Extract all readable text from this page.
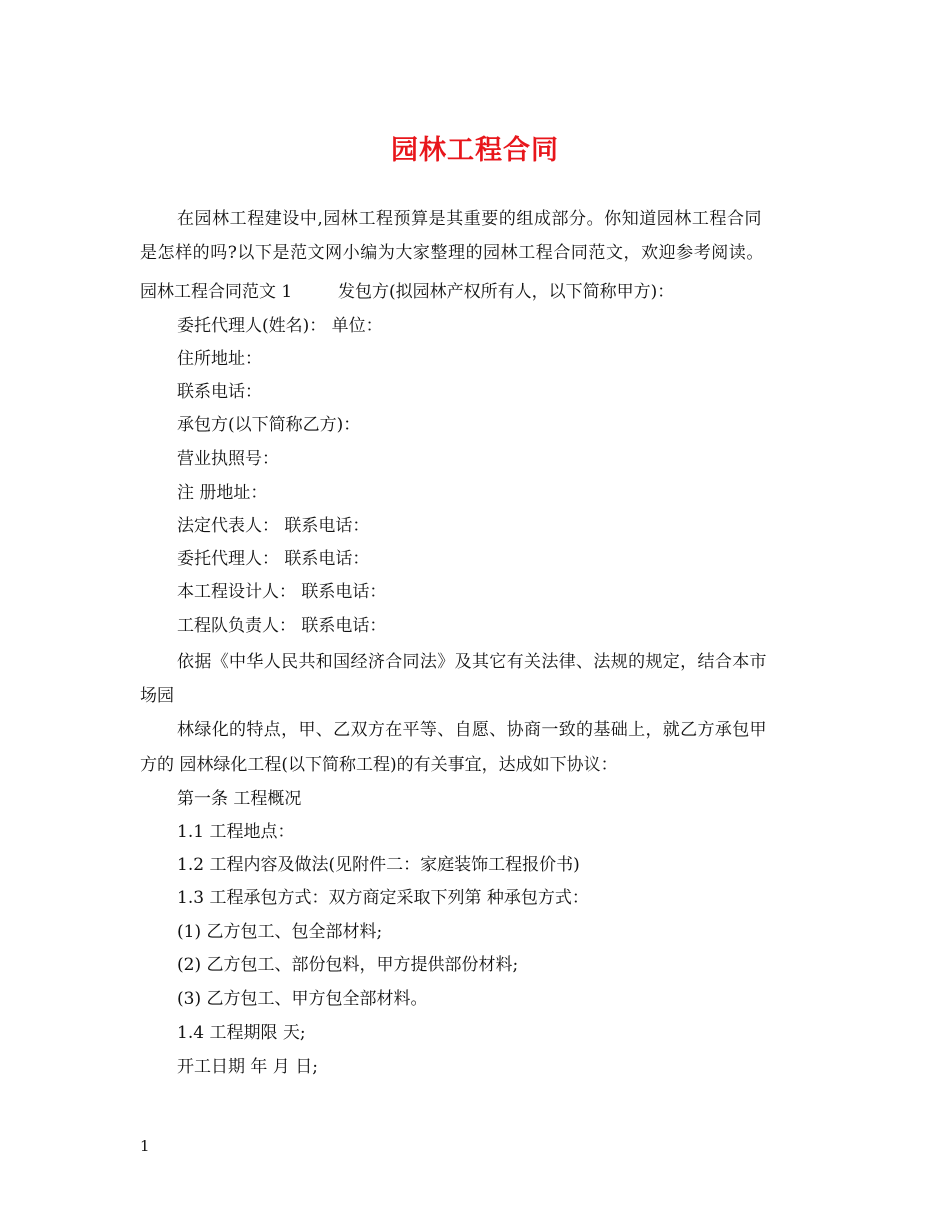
园林工程合同
在园林工程建设中,园林工程预算是其重要的组成部分。你知道园林工程合同
是怎样的吗?以下是范文网小编为大家整理的园林工程合同范文，欢迎参考阅读。
园林工程合同范文 1	发包方(拟园林产权所有人，以下简称甲方)：
委托代理人(姓名)： 单位：
住所地址：
联系电话：
承包方(以下简称乙方)：
营业执照号：
注 册地址：
法定代表人： 联系电话：
委托代理人： 联系电话：
本工程设计人： 联系电话：
工程队负责人： 联系电话：
依据《中华人民共和国经济合同法》及其它有关法律、法规的规定，结合本市
场园
林绿化的特点，甲、乙双方在平等、自愿、协商一致的基础上，就乙方承包甲
方的 园林绿化工程(以下简称工程)的有关事宜，达成如下协议：
第一条 工程概况
1.1 工程地点：
1.2 工程内容及做法(见附件二：家庭装饰工程报价书)
1.3 工程承包方式：双方商定采取下列第 种承包方式：
(1) 乙方包工、包全部材料;
(2) 乙方包工、部份包料，甲方提供部份材料;
(3) 乙方包工、甲方包全部材料。
1.4 工程期限 天;
开工日期 年 月 日;
1
